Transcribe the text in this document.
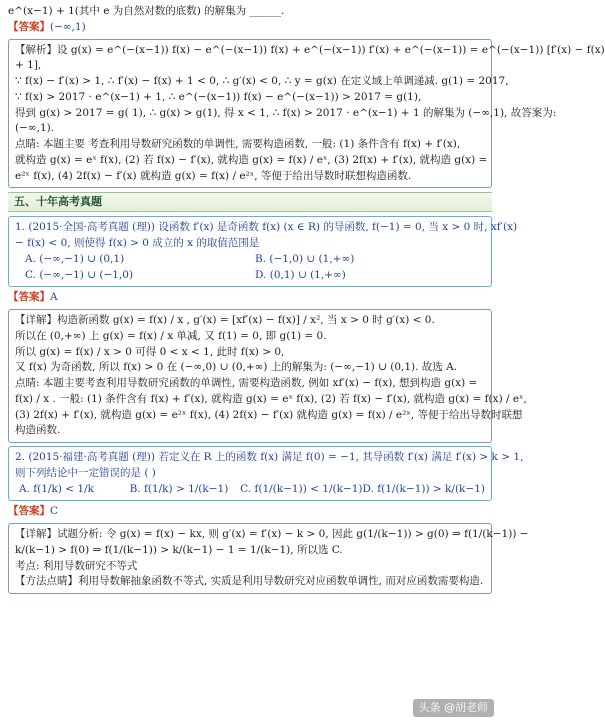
e^(x−1) + 1(其中 e 为自然对数的底数) 的解集为 ______.
【答案】(−∞,1)
【解析】设 g(x) = e^(−(x−1)) f(x) − e^(−(x−1)) f(x) + e^(−(x−1)) f′(x) + e^(−(x−1)) = e^(−(x−1)) [f′(x) − f(x)
+ 1],
∵ f(x) − f′(x) > 1, ∴ f′(x) − f(x) + 1 < 0, ∴ g′(x) < 0, ∴ y = g(x) 在定义域上单调递减. g(1) = 2017,
∵ f(x) > 2017 · e^(x−1) + 1, ∴ e^(−(x−1)) f(x) − e^(−(x−1)) > 2017 = g(1),
得到 g(x) > 2017 = g( 1), ∴ g(x) > g(1), 得 x < 1, ∴ f(x) > 2017 · e^(x−1) + 1 的解集为 (−∞,1), 故答案为:
(−∞,1).
点睛: 本题主要 考查利用导数研究函数的单调性, 需要构造函数, 一般: (1) 条件含有 f(x) + f′(x),
就构造 g(x) = eˣ f(x), (2) 若 f(x) − f′(x), 就构造 g(x) = f(x) / eˣ, (3) 2f(x) + f′(x), 就构造 g(x) =
e²ˣ f(x), (4) 2f(x) − f′(x) 就构造 g(x) = f(x) / e²ˣ, 等便于给出导数时联想构造函数.
五、十年高考真题
1. (2015·全国·高考真题 (理)) 设函数 f′(x) 是奇函数 f(x) (x ∈ R) 的导函数, f(−1) = 0, 当 x > 0 时, xf′(x)
− f(x) < 0, 则使得 f(x) > 0 成立的 x 的取值范围是
A. (−∞,−1) ∪ (0,1)	B. (−1,0) ∪ (1,+∞)
C. (−∞,−1) ∪ (−1,0)	D. (0,1) ∪ (1,+∞)
【答案】A
【详解】构造新函数 g(x) = f(x) / x , g′(x) = [xf′(x) − f(x)] / x², 当 x > 0 时 g′(x) < 0.
所以在 (0,+∞) 上 g(x) = f(x) / x 单减, 又 f(1) = 0, 即 g(1) = 0.
所以 g(x) = f(x) / x > 0 可得 0 < x < 1, 此时 f(x) > 0,
又 f(x) 为奇函数, 所以 f(x) > 0 在 (−∞,0) ∪ (0,+∞) 上的解集为: (−∞,−1) ∪ (0,1). 故选 A.
点睛: 本题主要考查利用导数研究函数的单调性, 需要构造函数, 例如 xf′(x) − f(x), 想到构造 g(x) =
f(x) / x . 一般: (1) 条件含有 f(x) + f′(x), 就构造 g(x) = eˣ f(x), (2) 若 f(x) − f′(x), 就构造 g(x) = f(x) / eˣ,
(3) 2f(x) + f′(x), 就构造 g(x) = e²ˣ f(x), (4) 2f(x) − f′(x) 就构造 g(x) = f(x) / e²ˣ, 等便于给出导数时联想
构造函数.
2. (2015·福建·高考真题 (理)) 若定义在 R 上的函数 f(x) 满足 f(0) = −1, 其导函数 f′(x) 满足 f′(x) > k > 1,
则下列结论中一定错误的是 ( )
A. f(1/k) < 1/k	B. f(1/k) > 1/(k−1)	C. f(1/(k−1)) < 1/(k−1) D. f(1/(k−1)) > k/(k−1)
【答案】C
【详解】试题分析: 令 g(x) = f(x) − kx, 则 g′(x) = f′(x) − k > 0, 因此 g(1/(k−1)) > g(0) ⇒ f(1/(k−1)) −
k/(k−1) > f(0) ⇒ f(1/(k−1)) > k/(k−1) − 1 = 1/(k−1), 所以选 C.
考点: 利用导数研究不等式
【方法点睛】利用导数解抽象函数不等式, 实质是利用导数研究对应函数单调性, 而对应函数需要构造.
头条 @胡老师
